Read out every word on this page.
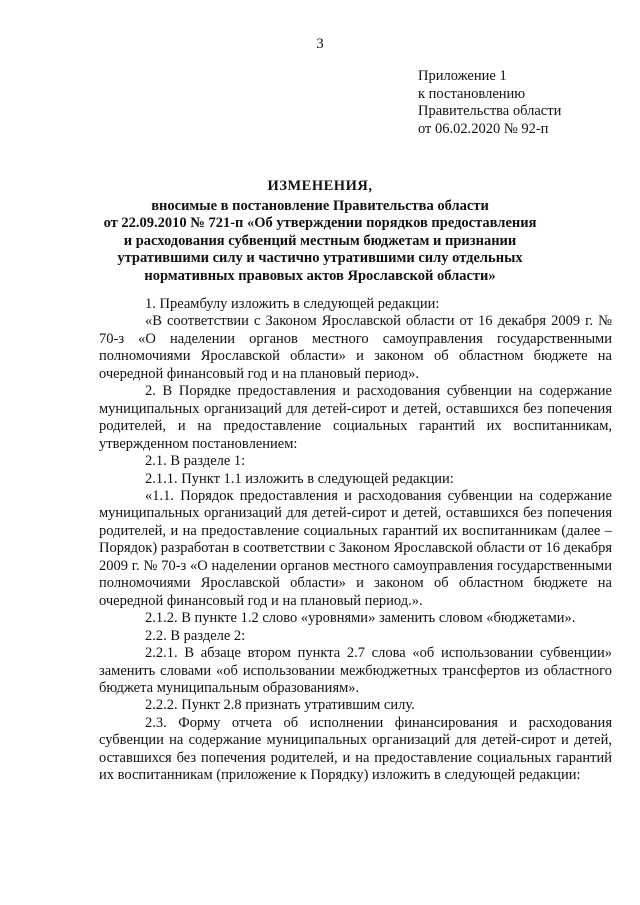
3
Приложение 1
к постановлению
Правительства области
от 06.02.2020 № 92-п
ИЗМЕНЕНИЯ,
вносимые в постановление Правительства области
от 22.09.2010 № 721-п «Об утверждении порядков предоставления
и расходования субвенций местным бюджетам и признании
утратившими силу и частично утратившими силу отдельных
нормативных правовых актов Ярославской области»

1. Преамбулу изложить в следующей редакции:

«В соответствии с Законом Ярославской области от 16 декабря 2009 г. № 70-з «О наделении органов местного самоуправления государственными полномочиями Ярославской области» и законом об областном бюджете на очередной финансовый год и на плановый период».

2. В Порядке предоставления и расходования субвенции на содержание муниципальных организаций для детей-сирот и детей, оставшихся без попечения родителей, и на предоставление социальных гарантий их воспитанникам, утвержденном постановлением:

2.1. В разделе 1:

2.1.1. Пункт 1.1 изложить в следующей редакции:

«1.1. Порядок предоставления и расходования субвенции на содержание муниципальных организаций для детей-сирот и детей, оставшихся без попечения родителей, и на предоставление социальных гарантий их воспитанникам (далее – Порядок) разработан в соответствии с Законом Ярославской области от 16 декабря 2009 г. № 70-з «О наделении органов местного самоуправления государственными полномочиями Ярославской области» и законом об областном бюджете на очередной финансовый год и на плановый период.».

2.1.2. В пункте 1.2 слово «уровнями» заменить словом «бюджетами».

2.2. В разделе 2:

2.2.1. В абзаце втором пункта 2.7 слова «об использовании субвенции» заменить словами «об использовании межбюджетных трансфертов из областного бюджета муниципальным образованиям».

2.2.2. Пункт 2.8 признать утратившим силу.

2.3. Форму отчета об исполнении финансирования и расходования субвенции на содержание муниципальных организаций для детей-сирот и детей, оставшихся без попечения родителей, и на предоставление социальных гарантий их воспитанникам (приложение к Порядку) изложить в следующей редакции:
